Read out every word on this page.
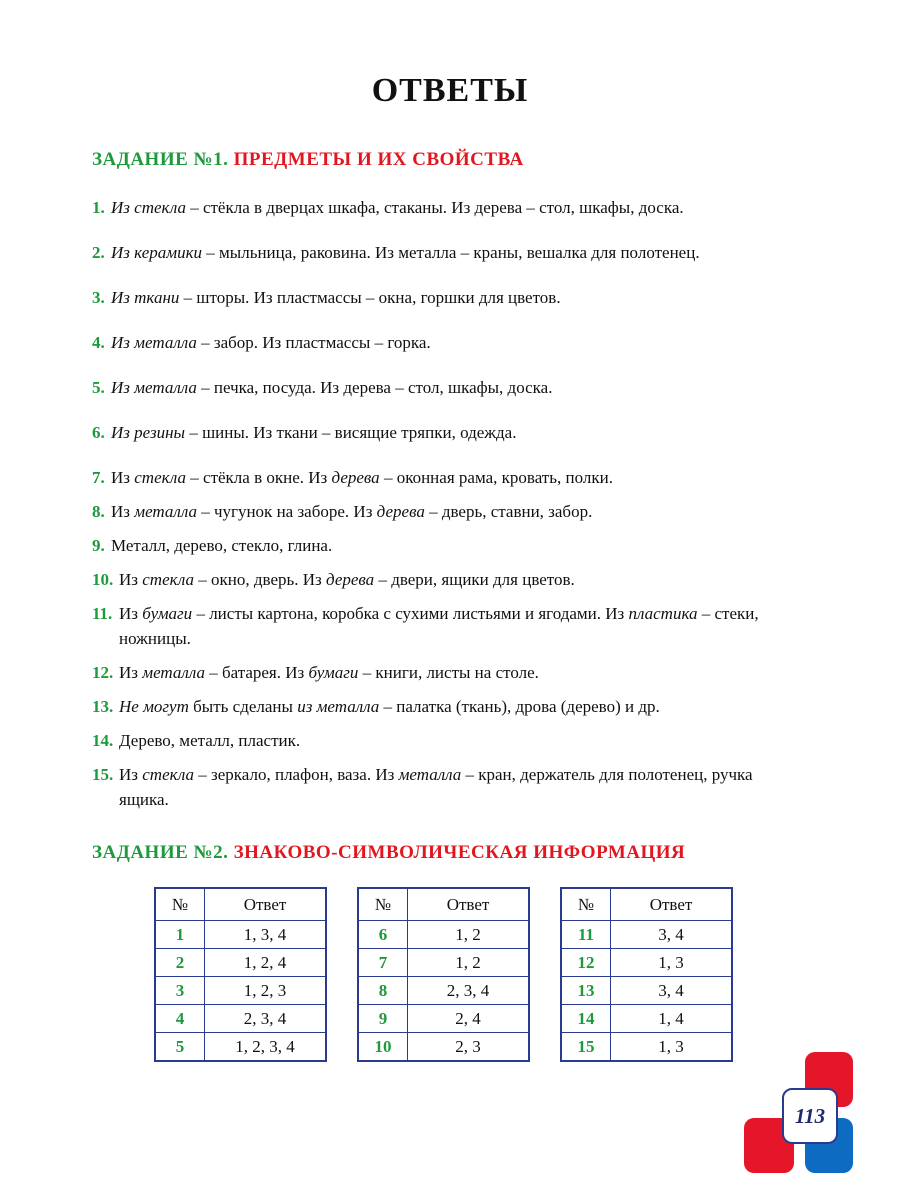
ОТВЕТЫ
ЗАДАНИЕ №1. ПРЕДМЕТЫ И ИХ СВОЙСТВА
1. Из стекла – стёкла в дверцах шкафа, стаканы. Из дерева – стол, шкафы, доска.
2. Из керамики – мыльница, раковина. Из металла – краны, вешалка для полотенец.
3. Из ткани – шторы. Из пластмассы – окна, горшки для цветов.
4. Из металла – забор. Из пластмассы – горка.
5. Из металла – печка, посуда. Из дерева – стол, шкафы, доска.
6. Из резины – шины. Из ткани – висящие тряпки, одежда.
7. Из стекла – стёкла в окне. Из дерева – оконная рама, кровать, полки.
8. Из металла – чугунок на заборе. Из дерева – дверь, ставни, забор.
9. Металл, дерево, стекло, глина.
10. Из стекла – окно, дверь. Из дерева – двери, ящики для цветов.
11. Из бумаги – листы картона, коробка с сухими листьями и ягодами. Из пластика – стеки, ножницы.
12. Из металла – батарея. Из бумаги – книги, листы на столе.
13. Не могут быть сделаны из металла – палатка (ткань), дрова (дерево) и др.
14. Дерево, металл, пластик.
15. Из стекла – зеркало, плафон, ваза. Из металла – кран, держатель для полотенец, ручка ящика.
ЗАДАНИЕ №2. ЗНАКОВО-СИМВОЛИЧЕСКАЯ ИНФОРМАЦИЯ
№	Ответ
1	1, 3, 4
2	1, 2, 4
3	1, 2, 3
4	2, 3, 4
5	1, 2, 3, 4
№	Ответ
6	1, 2
7	1, 2
8	2, 3, 4
9	2, 4
10	2, 3
№	Ответ
11	3, 4
12	1, 3
13	3, 4
14	1, 4
15	1, 3
113
